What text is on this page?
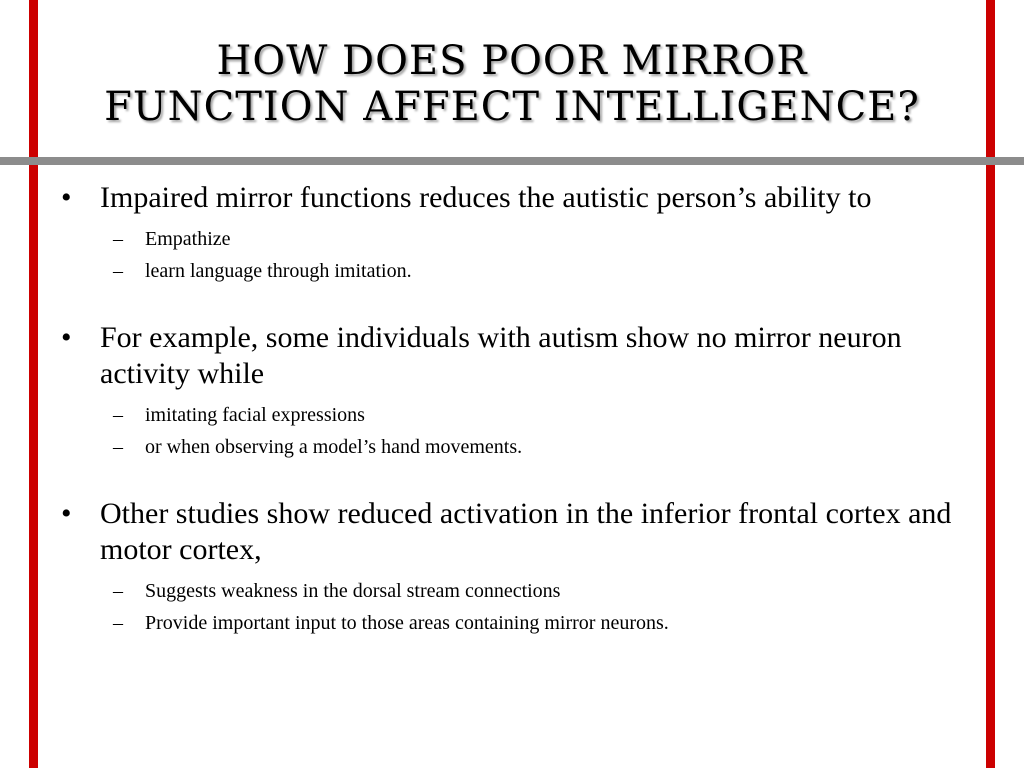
HOW DOES POOR MIRROR
FUNCTION AFFECT INTELLIGENCE?
• Impaired mirror functions reduces the autistic person’s ability to
– Empathize
– learn language through imitation.
• For example, some individuals with autism show no mirror neuron activity while
– imitating facial expressions
– or when observing a model’s hand movements.
• Other studies show reduced activation in the inferior frontal cortex and motor cortex,
– Suggests weakness in the dorsal stream connections
– Provide important input to those areas containing mirror neurons.
